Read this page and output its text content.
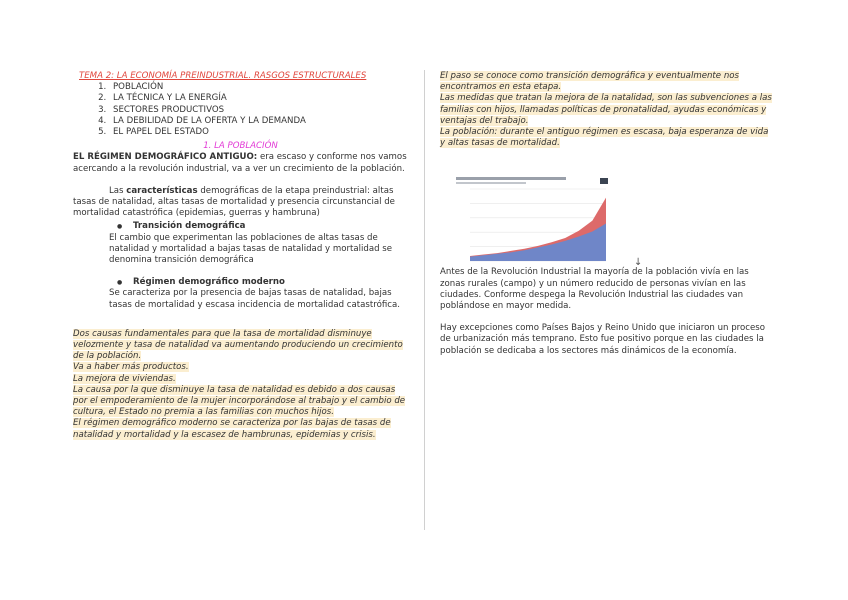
TEMA 2: LA ECONOMÍA PREINDUSTRIAL. RASGOS ESTRUCTURALES
1. POBLACIÓN
2. LA TÉCNICA Y LA ENERGÍA
3. SECTORES PRODUCTIVOS
4. LA DEBILIDAD DE LA OFERTA Y LA DEMANDA
5. EL PAPEL DEL ESTADO
1. LA POBLACIÓN

EL RÉGIMEN DEMOGRÁFICO ANTIGUO: era escaso y conforme nos vamos acercando a la revolución industrial, va a ver un crecimiento de la población.

Las características demográficas de la etapa preindustrial: altas tasas de natalidad, altas tasas de mortalidad y presencia circunstancial de mortalidad catastrófica (epidemias, guerras y hambruna)

● Transición demográfica
El cambio que experimentan las poblaciones de altas tasas de natalidad y mortalidad a bajas tasas de natalidad y mortalidad se denomina transición demográfica
● Régimen demográfico moderno
Se caracteriza por la presencia de bajas tasas de natalidad, bajas tasas de mortalidad y escasa incidencia de mortalidad catastrófica.

Dos causas fundamentales para que la tasa de mortalidad disminuye velozmente y tasa de natalidad va aumentando produciendo un crecimiento de la población.

Va a haber más productos.

La mejora de viviendas.

La causa por la que disminuye la tasa de natalidad es debido a dos causas por el empoderamiento de la mujer incorporándose al trabajo y el cambio de cultura, el Estado no premia a las familias con muchos hijos.

El régimen demográfico moderno se caracteriza por las bajas de tasas de natalidad y mortalidad y la escasez de hambrunas, epidemias y crisis.

El paso se conoce como transición demográfica y eventualmente nos encontramos en esta etapa.

Las medidas que tratan la mejora de la natalidad, son las subvenciones a las familias con hijos, llamadas políticas de pronatalidad, ayudas económicas y ventajas del trabajo.

La población: durante el antiguo régimen es escasa, baja esperanza de vida y altas tasas de mortalidad.

↓

Antes de la Revolución Industrial la mayoría de la población vivía en las zonas rurales (campo) y un número reducido de personas vivían en las ciudades. Conforme despega la Revolución Industrial las ciudades van poblándose en mayor medida.

Hay excepciones como Países Bajos y Reino Unido que iniciaron un proceso de urbanización más temprano. Esto fue positivo porque en las ciudades la población se dedicaba a los sectores más dinámicos de la economía.
